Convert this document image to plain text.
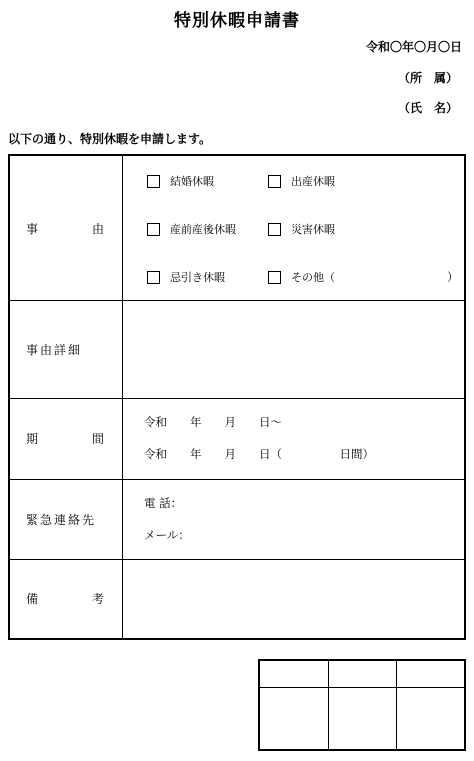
特別休暇申請書
令和〇年〇月〇日
（所　属）
（氏　名）
以下の通り、特別休暇を申請します。
事	由
結婚休暇	出産休暇
産前産後休暇	災害休暇
忌引き休暇	その他（	）
事由詳細
期	間
令和　　年　　月　　日～
令和　　年　　月　　日（　　　　　日間）
緊急連絡先
電 話：
メール：
備	考
